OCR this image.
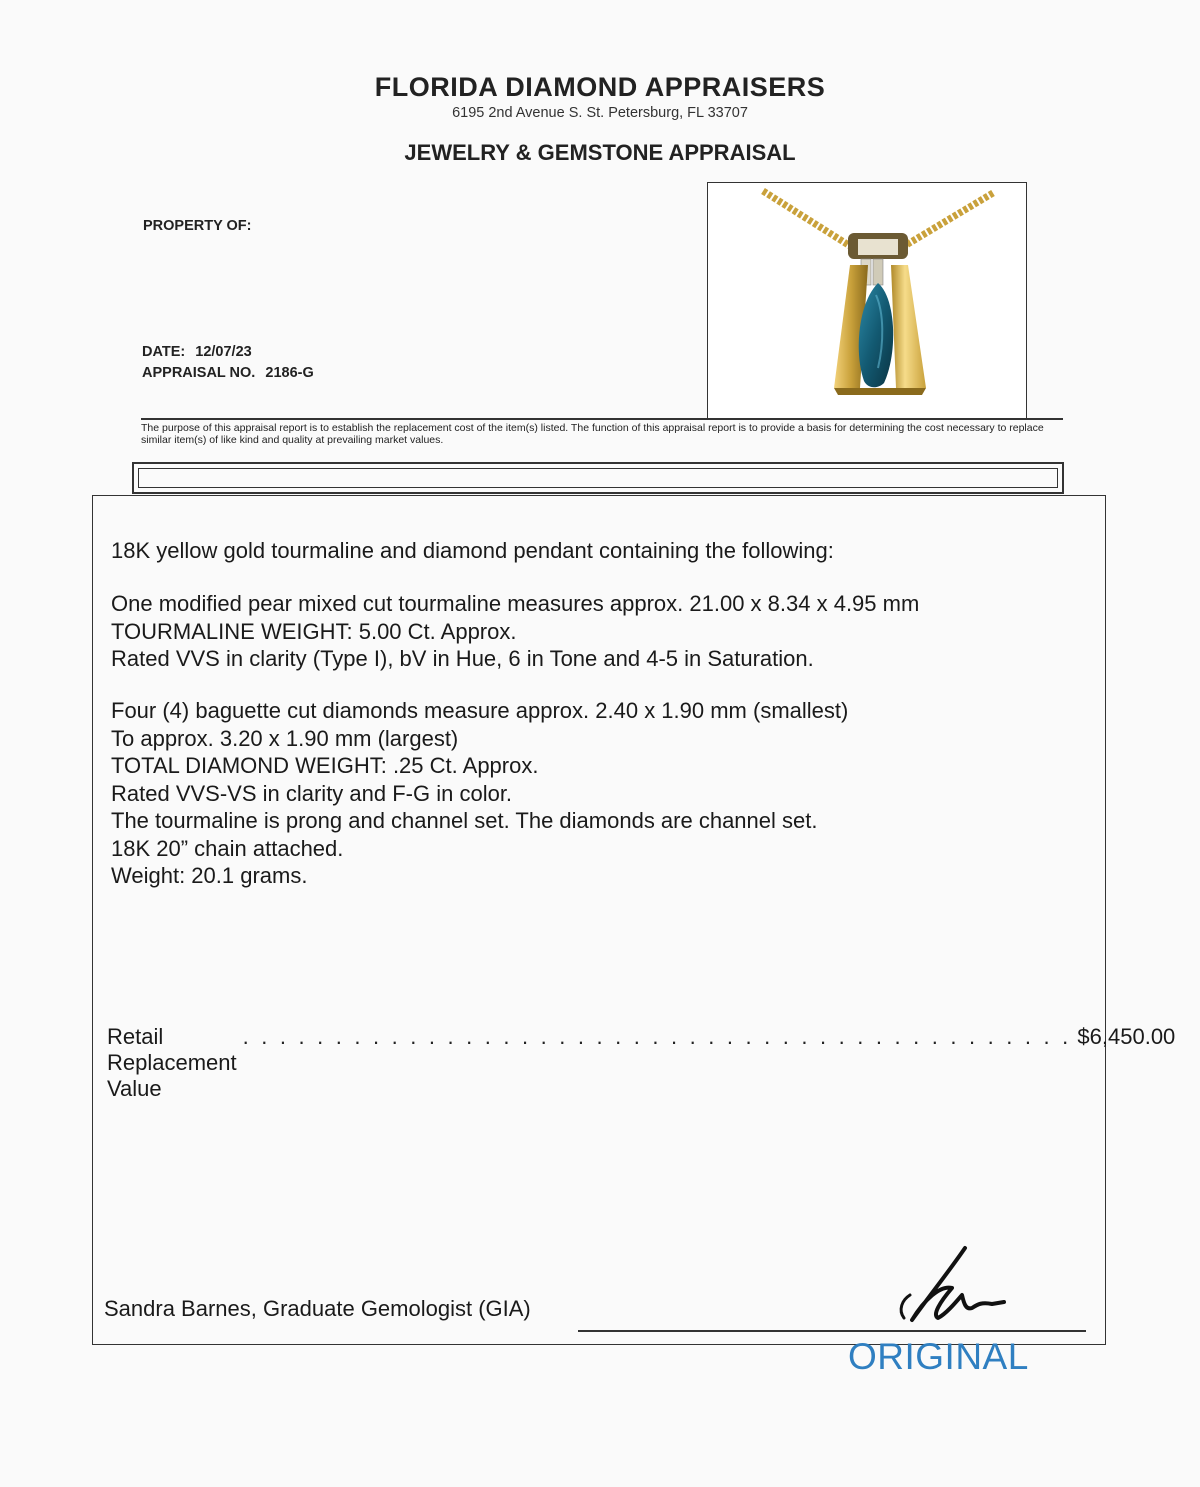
FLORIDA DIAMOND APPRAISERS
6195 2nd Avenue S. St. Petersburg, FL 33707
JEWELRY & GEMSTONE APPRAISAL
PROPERTY OF:
DATE: 12/07/23
APPRAISAL NO. 2186-G
The purpose of this appraisal report is to establish the replacement cost of the item(s) listed. The function of this appraisal report is to provide a basis for determining the cost necessary to replace similar item(s) of like kind and quality at prevailing market values.
18K yellow gold tourmaline and diamond pendant containing the following:
One modified pear mixed cut tourmaline measures approx. 21.00 x 8.34 x 4.95 mm
TOURMALINE WEIGHT: 5.00 Ct. Approx.
Rated VVS in clarity (Type I), bV in Hue, 6 in Tone and 4-5 in Saturation.
Four (4) baguette cut diamonds measure approx. 2.40 x 1.90 mm (smallest)
To approx. 3.20 x 1.90 mm (largest)
TOTAL DIAMOND WEIGHT: .25 Ct. Approx.
Rated VVS-VS in clarity and F-G in color.
The tourmaline is prong and channel set. The diamonds are channel set.
18K 20” chain attached.
Weight: 20.1 grams.
Retail Replacement Value
. . . . . . . . . . . . . . . . . . . . . . . . . . . . . . . . . . . . . . . . . . . . . $6,450.00
Sandra Barnes, Graduate Gemologist (GIA)
ORIGINAL
